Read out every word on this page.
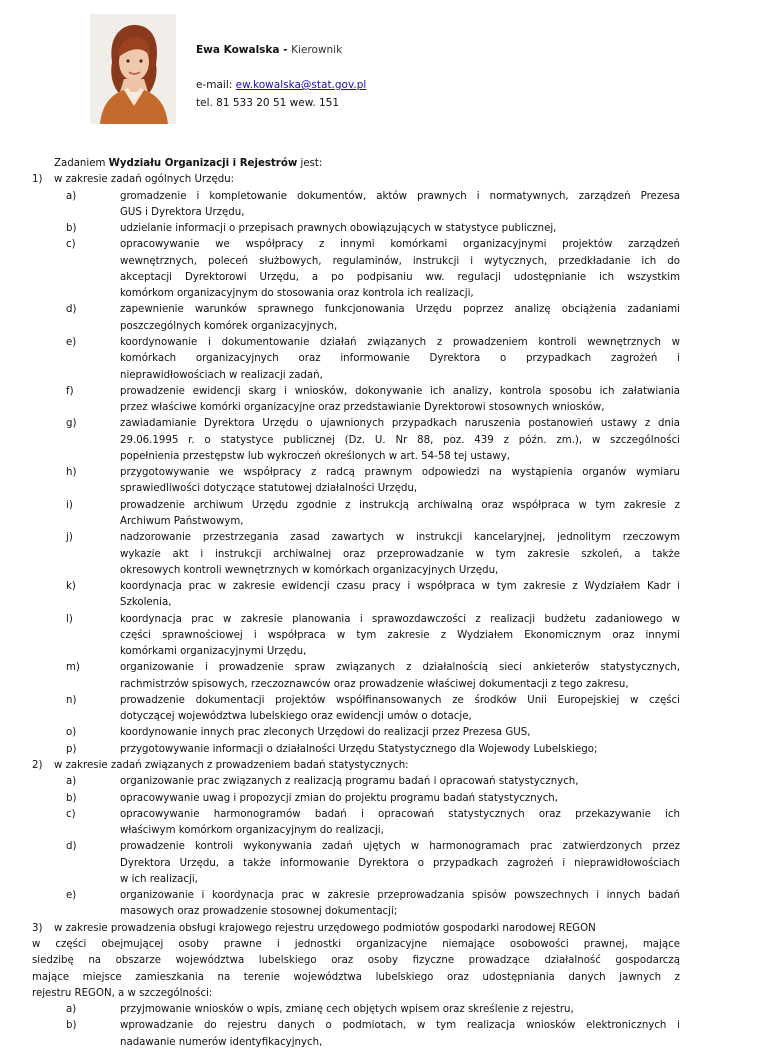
Ewa Kowalska - Kierownik
e-mail: ew.kowalska@stat.gov.pl
tel. 81 533 20 51 wew. 151
Zadaniem Wydziału Organizacji i Rejestrów jest:
1) w zakresie zadań ogólnych Urzędu:
a)	gromadzenie i kompletowanie dokumentów, aktów prawnych i normatywnych, zarządzeń Prezesa
GUS i Dyrektora Urzędu,
b)	udzielanie informacji o przepisach prawnych obowiązujących w statystyce publicznej,
c)	opracowywanie we współpracy z innymi komórkami organizacyjnymi projektów zarządzeń
wewnętrznych, poleceń służbowych, regulaminów, instrukcji i wytycznych, przedkładanie ich do
akceptacji Dyrektorowi Urzędu, a po podpisaniu ww. regulacji udostępnianie ich wszystkim
komórkom organizacyjnym do stosowania oraz kontrola ich realizacji,
d)	zapewnienie warunków sprawnego funkcjonowania Urzędu poprzez analizę obciążenia zadaniami
poszczególnych komórek organizacyjnych,
e)	koordynowanie i dokumentowanie działań związanych z prowadzeniem kontroli wewnętrznych w
komórkach organizacyjnych oraz informowanie Dyrektora o przypadkach zagrożeń i
nieprawidłowościach w realizacji zadań,
f)	prowadzenie ewidencji skarg i wniosków, dokonywanie ich analizy, kontrola sposobu ich załatwiania
przez właściwe komórki organizacyjne oraz przedstawianie Dyrektorowi stosownych wniosków,
g)	zawiadamianie Dyrektora Urzędu o ujawnionych przypadkach naruszenia postanowień ustawy z dnia
29.06.1995 r. o statystyce publicznej (Dz. U. Nr 88, poz. 439 z późn. zm.), w szczególności
popełnienia przestępstw lub wykroczeń określonych w art. 54-58 tej ustawy,
h)	przygotowywanie we współpracy z radcą prawnym odpowiedzi na wystąpienia organów wymiaru
sprawiedliwości dotyczące statutowej działalności Urzędu,
i)	prowadzenie archiwum Urzędu zgodnie z instrukcją archiwalną oraz współpraca w tym zakresie z
Archiwum Państwowym,
j)	nadzorowanie przestrzegania zasad zawartych w instrukcji kancelaryjnej, jednolitym rzeczowym
wykazie akt i instrukcji archiwalnej oraz przeprowadzanie w tym zakresie szkoleń, a także
okresowych kontroli wewnętrznych w komórkach organizacyjnych Urzędu,
k)	koordynacja prac w zakresie ewidencji czasu pracy i współpraca w tym zakresie z Wydziałem Kadr i
Szkolenia,
l)	koordynacja prac w zakresie planowania i sprawozdawczości z realizacji budżetu zadaniowego w
części sprawnościowej i współpraca w tym zakresie z Wydziałem Ekonomicznym oraz innymi
komórkami organizacyjnymi Urzędu,
m)	organizowanie i prowadzenie spraw związanych z działalnością sieci ankieterów statystycznych,
rachmistrzów spisowych, rzeczoznawców oraz prowadzenie właściwej dokumentacji z tego zakresu,
n)	prowadzenie dokumentacji projektów współfinansowanych ze środków Unii Europejskiej w części
dotyczącej województwa lubelskiego oraz ewidencji umów o dotacje,
o)	koordynowanie innych prac zleconych Urzędowi do realizacji przez Prezesa GUS,
p)	przygotowywanie informacji o działalności Urzędu Statystycznego dla Wojewody Lubelskiego;
2) w zakresie zadań związanych z prowadzeniem badań statystycznych:
a)	organizowanie prac związanych z realizacją programu badań i opracowań statystycznych,
b)	opracowywanie uwag i propozycji zmian do projektu programu badań statystycznych,
c)	opracowywanie harmonogramów badań i opracowań statystycznych oraz przekazywanie ich
właściwym komórkom organizacyjnym do realizacji,
d)	prowadzenie kontroli wykonywania zadań ujętych w harmonogramach prac zatwierdzonych przez
Dyrektora Urzędu, a także informowanie Dyrektora o przypadkach zagrożeń i nieprawidłowościach
w ich realizacji,
e)	organizowanie i koordynacja prac w zakresie przeprowadzania spisów powszechnych i innych badań
masowych oraz prowadzenie stosownej dokumentacji;
3) w zakresie prowadzenia obsługi krajowego rejestru urzędowego podmiotów gospodarki narodowej REGON
w części obejmującej osoby prawne i jednostki organizacyjne niemające osobowości prawnej, mające
siedzibę na obszarze województwa lubelskiego oraz osoby fizyczne prowadzące działalność gospodarczą
mające miejsce zamieszkania na terenie województwa lubelskiego oraz udostępniania danych jawnych z
rejestru REGON, a w szczególności:
a)	przyjmowanie wniosków o wpis, zmianę cech objętych wpisem oraz skreślenie z rejestru,
b)	wprowadzanie do rejestru danych o podmiotach, w tym realizacja wniosków elektronicznych i
nadawanie numerów identyfikacyjnych,
